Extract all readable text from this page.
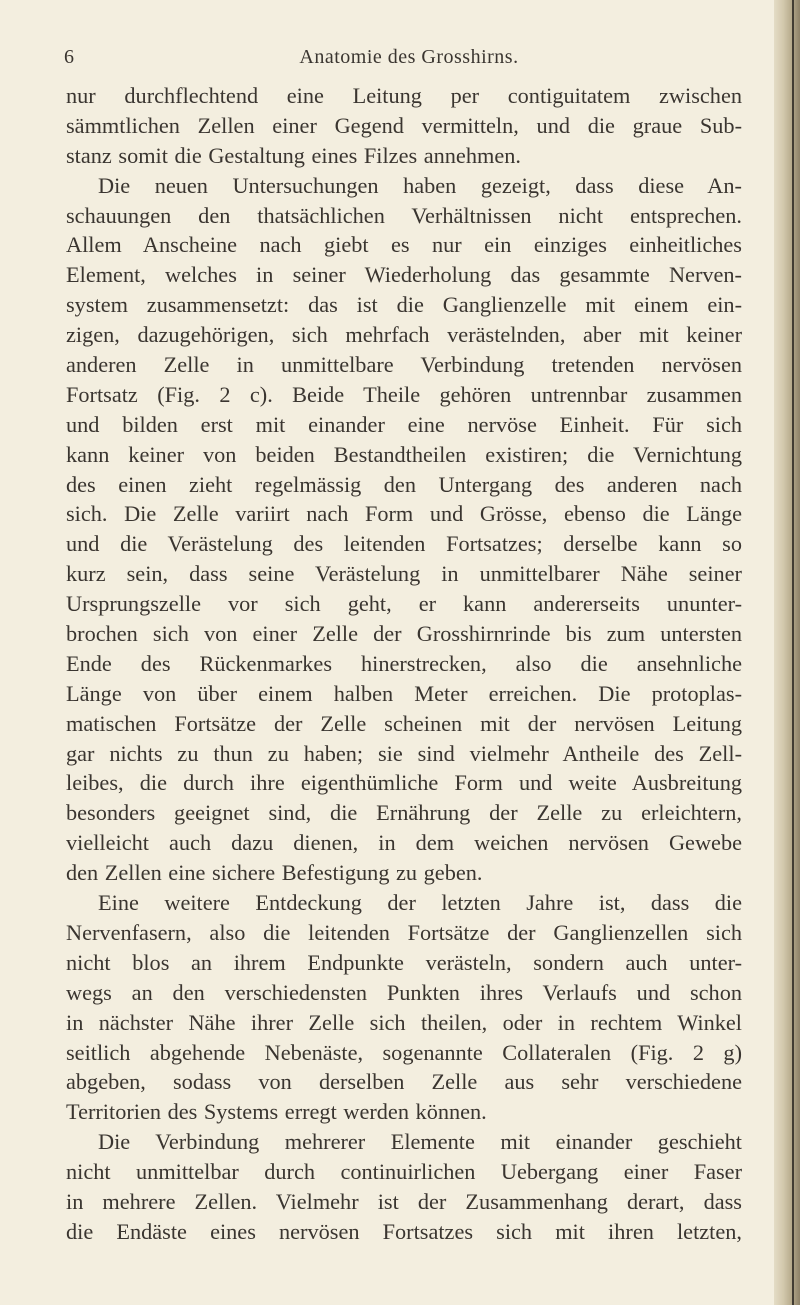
6	Anatomie des Grosshirns.
nur durchflechtend eine Leitung per contiguitatem zwischen
sämmtlichen Zellen einer Gegend vermitteln, und die graue Sub-
stanz somit die Gestaltung eines Filzes annehmen.
Die neuen Untersuchungen haben gezeigt, dass diese An-
schauungen den thatsächlichen Verhältnissen nicht entsprechen.
Allem Anscheine nach giebt es nur ein einziges einheitliches
Element, welches in seiner Wiederholung das gesammte Nerven-
system zusammensetzt: das ist die Ganglienzelle mit einem ein-
zigen, dazugehörigen, sich mehrfach verästelnden, aber mit keiner
anderen Zelle in unmittelbare Verbindung tretenden nervösen
Fortsatz (Fig. 2 c). Beide Theile gehören untrennbar zusammen
und bilden erst mit einander eine nervöse Einheit. Für sich
kann keiner von beiden Bestandtheilen existiren; die Vernichtung
des einen zieht regelmässig den Untergang des anderen nach
sich. Die Zelle variirt nach Form und Grösse, ebenso die Länge
und die Verästelung des leitenden Fortsatzes; derselbe kann so
kurz sein, dass seine Verästelung in unmittelbarer Nähe seiner
Ursprungszelle vor sich geht, er kann andererseits ununter-
brochen sich von einer Zelle der Grosshirnrinde bis zum untersten
Ende des Rückenmarkes hinerstrecken, also die ansehnliche
Länge von über einem halben Meter erreichen. Die protoplas-
matischen Fortsätze der Zelle scheinen mit der nervösen Leitung
gar nichts zu thun zu haben; sie sind vielmehr Antheile des Zell-
leibes, die durch ihre eigenthümliche Form und weite Ausbreitung
besonders geeignet sind, die Ernährung der Zelle zu erleichtern,
vielleicht auch dazu dienen, in dem weichen nervösen Gewebe
den Zellen eine sichere Befestigung zu geben.
Eine weitere Entdeckung der letzten Jahre ist, dass die
Nervenfasern, also die leitenden Fortsätze der Ganglienzellen sich
nicht blos an ihrem Endpunkte verästeln, sondern auch unter-
wegs an den verschiedensten Punkten ihres Verlaufs und schon
in nächster Nähe ihrer Zelle sich theilen, oder in rechtem Winkel
seitlich abgehende Nebenäste, sogenannte Collateralen (Fig. 2 g)
abgeben, sodass von derselben Zelle aus sehr verschiedene
Territorien des Systems erregt werden können.
Die Verbindung mehrerer Elemente mit einander geschieht
nicht unmittelbar durch continuirlichen Uebergang einer Faser
in mehrere Zellen. Vielmehr ist der Zusammenhang derart, dass
die Endäste eines nervösen Fortsatzes sich mit ihren letzten,
